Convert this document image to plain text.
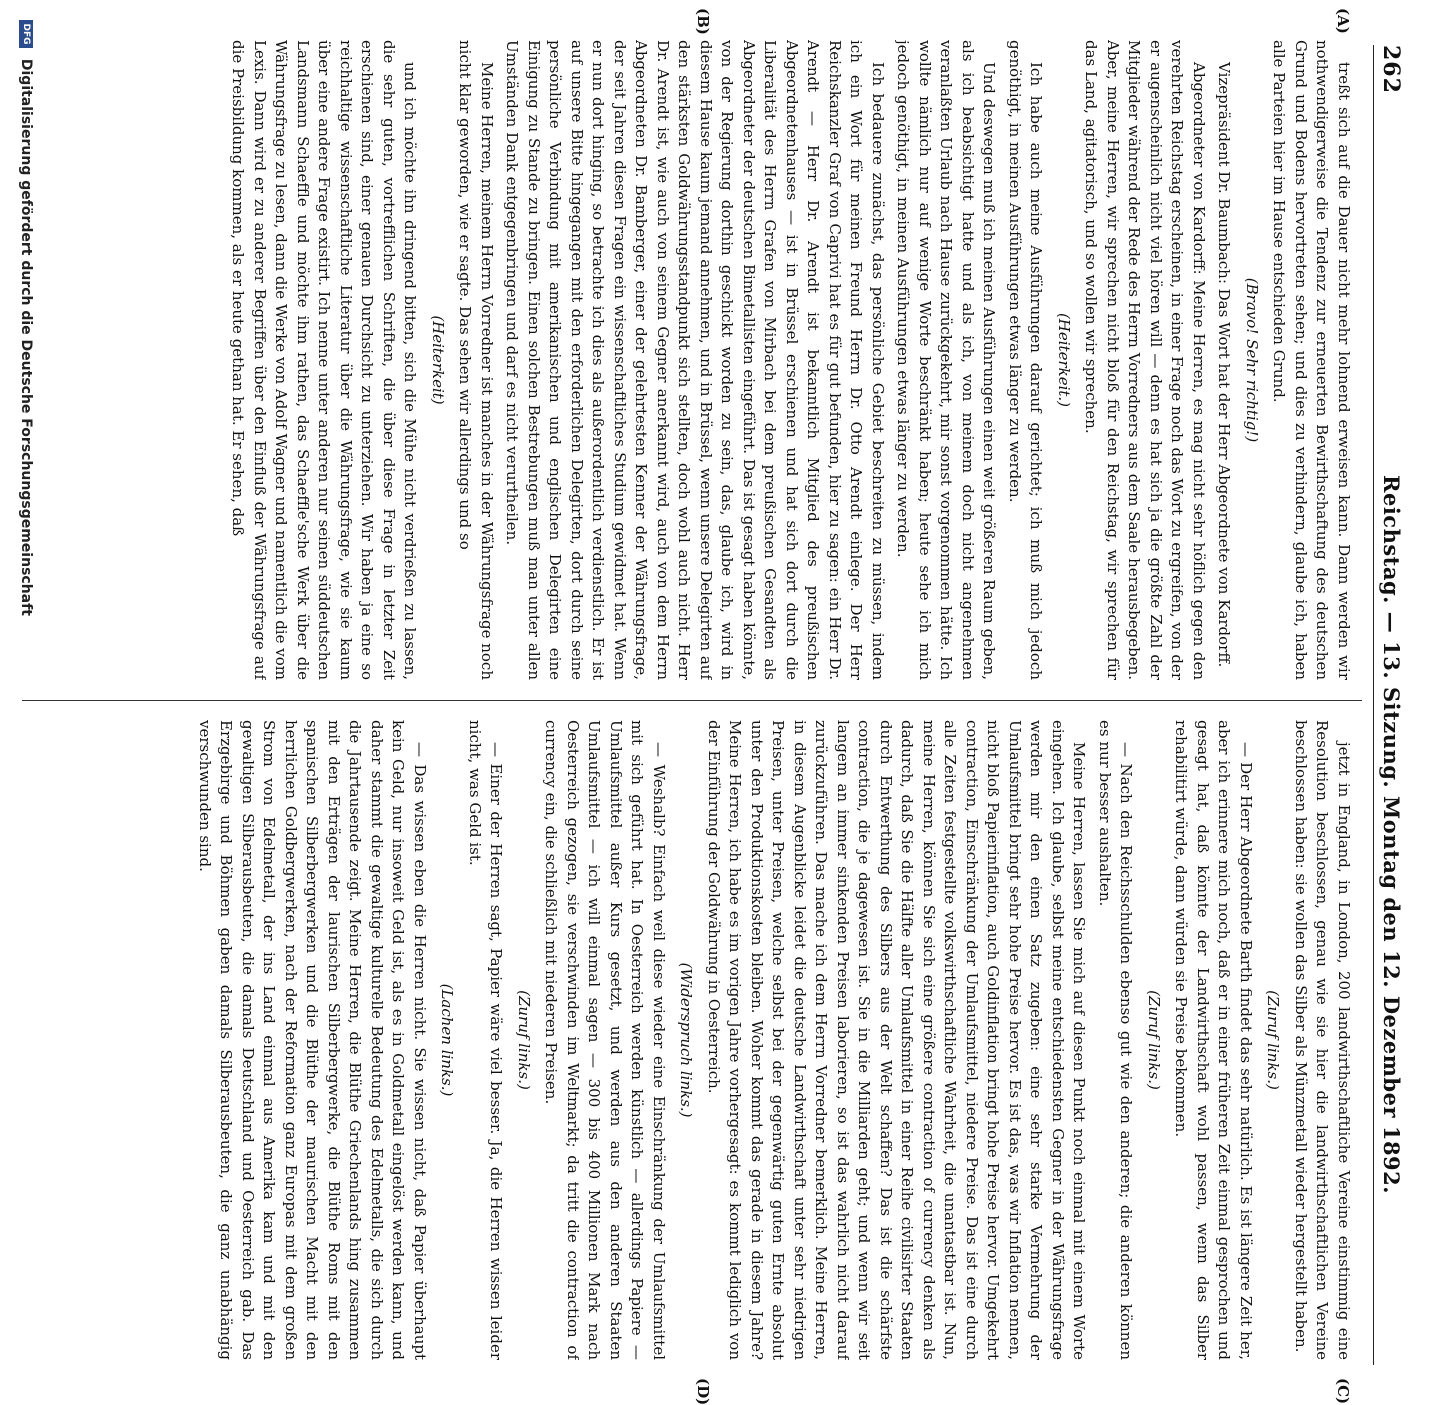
262
Reichstag. — 13. Sitzung. Montag den 12. Dezember 1892.
(A)
(B)
(C)
(D)

treßt sich auf die Dauer nicht mehr lohnend erweisen kann. Dann werden wir nothwendigerweise die Tendenz zur erneuerten Bewirthschaftung des deutschen Grund und Bodens hervortreten sehen; und dies zu verhindern, glaube ich, haben alle Parteien hier im Hause entschieden Grund.

(Bravo! Sehr richtig!)

Vizepräsident Dr. Baumbach: Das Wort hat der Herr Abgeordnete von Kardorff.

Abgeordneter von Kardorff: Meine Herren, es mag nicht sehr höflich gegen den verehrten Reichstag erscheinen, in einer Frage noch das Wort zu ergreifen, von der er augenscheinlich nicht viel hören will — denn es hat sich ja die größte Zahl der Mitglieder während der Rede des Herrn Vorredners aus dem Saale herausbegeben. Aber, meine Herren, wir sprechen nicht bloß für den Reichstag, wir sprechen für das Land, agitatorisch, und so wollen wir sprechen.

(Heiterkeit.)

Ich habe auch meine Ausführungen darauf gerichtet; ich muß mich jedoch genöthigt, in meinen Ausführungen etwas länger zu werden.

Und deswegen muß ich meinen Ausführungen einen weit größeren Raum geben, als ich beabsichtigt hatte und als ich, von meinem doch nicht angenehmen veranlaßten Urlaub nach Hause zurückgekehrt, mir sonst vorgenommen hätte. Ich wollte nämlich nur auf wenige Worte beschränkt haben; heute sehe ich mich jedoch genöthigt, in meinen Ausführungen etwas länger zu werden.

Ich bedauere zunächst, das persönliche Gebiet beschreiten zu müssen, indem ich ein Wort für meinen Freund Herrn Dr. Otto Arendt einlege. Der Herr Reichskanzler Graf von Caprivi hat es für gut befunden, hier zu sagen: ein Herr Dr. Arendt — Herr Dr. Arendt ist bekanntlich Mitglied des preußischen Abgeordnetenhauses — ist in Brüssel erschienen und hat sich dort durch die Liberalität des Herrn Grafen von Mirbach bei dem preußischen Gesandten als Abgeordneter der deutschen Bimetallisten eingeführt. Das ist gesagt haben könnte, von der Regierung dorthin geschickt worden zu sein, das, glaube ich, wird in diesem Hause kaum jemand annehmen, und in Brüssel, wenn unsere Delegirten auf den stärksten Goldwährungsstandpunkt sich stellten, doch wohl auch nicht. Herr Dr. Arendt ist, wie auch von seinem Gegner anerkannt wird, auch von dem Herrn Abgeordneten Dr. Bamberger, einer der gelehrtesten Kenner der Währungsfrage, der seit Jahren diesen Fragen ein wissenschaftliches Studium gewidmet hat. Wenn er nun dort hinging, so betrachte ich dies als außerordentlich verdienstlich. Er ist auf unsere Bitte hingegangen mit den erforderlichen Delegirten, dort durch seine persönliche Verbindung mit amerikanischen und englischen Delegirten eine Einigung zu Stande zu bringen. Einen solchen Bestrebungen muß man unter allen Umständen Dank entgegenbringen und darf es nicht verurtheilen.

Meine Herren, meinem Herrn Vorredner ist manches in der Währungsfrage noch nicht klar geworden, wie er sagte. Das sehen wir allerdings und so

(Heiterkeit)

und ich möchte ihn dringend bitten, sich die Mühe nicht verdrießen zu lassen, die sehr guten, vortrefflichen Schriften, die über diese Frage in letzter Zeit erschienen sind, einer genauen Durchsicht zu unterziehen. Wir haben ja eine so reichhaltige wissenschaftliche Literatur über die Währungsfrage, wie sie kaum über eine andere Frage existirt. Ich nenne unter anderen nur seinen süddeutschen Landsmann Schaeffle und möchte ihm rathen, das Schaeffle'sche Werk über die Währungsfrage zu lesen, dann die Werke von Adolf Wagner und namentlich die vom Lexis. Dann wird er zu anderer Begriffen über den Einfluß der Währungsfrage auf die Preisbildung kommen, als er heute gethan hat. Er sehen, daß

jetzt in England, in London, 200 landwirthschaftliche Vereine einstimmig eine Resolution beschlossen, genau wie sie hier die landwirthschaftlichen Vereine beschlossen haben: sie wollen das Silber als Münzmetall wieder hergestellt haben.

(Zuruf links.)

— Der Herr Abgeordnete Barth findet das sehr natürlich. Es ist längere Zeit her, aber ich erinnere mich noch, daß er in einer früheren Zeit einmal gesprochen und gesagt hat, daß könnte der Landwirthschaft wohl passen, wenn das Silber rehabilitirt würde, dann würden sie Preise bekommen.

(Zuruf links.)

— Nach den Reichsschulden ebenso gut wie den anderen; die anderen können es nur besser aushalten.

Meine Herren, lassen Sie mich auf diesen Punkt noch einmal mit einem Worte eingehen. Ich glaube, selbst meine entschiedensten Gegner in der Währungsfrage werden mir den einen Satz zugeben: eine sehr starke Vermehrung der Umlaufsmittel bringt sehr hohe Preise hervor. Es ist das, was wir Inflation nennen, nicht bloß Papierinflation, auch Goldinflation bringt hohe Preise hervor. Umgekehrt contraction, Einschränkung der Umlaufsmittel, niedere Preise. Das ist eine durch alle Zeiten festgestellte volkswirthschaftliche Wahrheit, die unantastbar ist. Nun, meine Herren, können Sie sich eine größere contraction of currency denken als dadurch, daß Sie die Hälfte aller Umlaufsmittel in einer Reihe civilisirter Staaten durch Entwerthung des Silbers aus der Welt schaffen? Das ist die schärfste contraction, die je dagewesen ist. Sie in die Milliarden geht; und wenn wir seit langem an immer sinkenden Preisen laborieren, so ist das wahrlich nicht darauf zurückzuführen. Das mache ich dem Herrn Vorredner bemerklich. Meine Herren, in diesem Augenblicke leidet die deutsche Landwirthschaft unter sehr niedrigen Preisen, unter Preisen, welche selbst bei der gegenwärtig guten Ernte absolut unter den Produktionskosten bleiben. Woher kommt das gerade in diesem Jahre? Meine Herren, ich habe es im vorigen Jahre vorhergesagt: es kommt lediglich von der Einführung der Goldwährung in Oesterreich.

(Widerspruch links.)

— Weshalb? Einfach weil diese wieder eine Einschränkung der Umlaufsmittel mit sich geführt hat. In Oesterreich werden künstlich — allerdings Papiere — Umlaufsmittel außer Kurs gesetzt, und werden aus den anderen Staaten Umlaufsmittel — ich will einmal sagen — 300 bis 400 Millionen Mark nach Oesterreich gezogen, sie verschwinden im Weltmarkt; da tritt die contraction of currency ein, die schließlich mit niederen Preisen.

(Zuruf links.)

— Einer der Herren sagt, Papier wäre viel besser. Ja, die Herren wissen leider nicht, was Geld ist.

(Lachen links.)

— Das wissen eben die Herren nicht. Sie wissen nicht, daß Papier überhaupt kein Geld, nur insoweit Geld ist, als es in Goldmetall eingelöst werden kann, und daher stammt die gewaltige kulturelle Bedeutung des Edelmetalls, die sich durch die Jahrtausende zeigt. Meine Herren, die Blüthe Griechenlands hing zusammen mit den Erträgen der laurischen Silberbergwerke, die Blüthe Roms mit den spanischen Silberbergwerken und die Blüthe der maurischen Macht mit den herrlichen Goldbergwerken, nach der Reformation ganz Europas mit dem großen Strom von Edelmetall, der ins Land einmal aus Amerika kam und mit den gewaltigen Silberausbeuten, die damals Deutschland und Oesterreich gab. Das Erzgebirge und Böhmen gaben damals Silberausbeuten, die ganz unabhängig verschwunden sind.

DFG Digitalisierung gefördert durch die Deutsche Forschungsgemeinschaft
